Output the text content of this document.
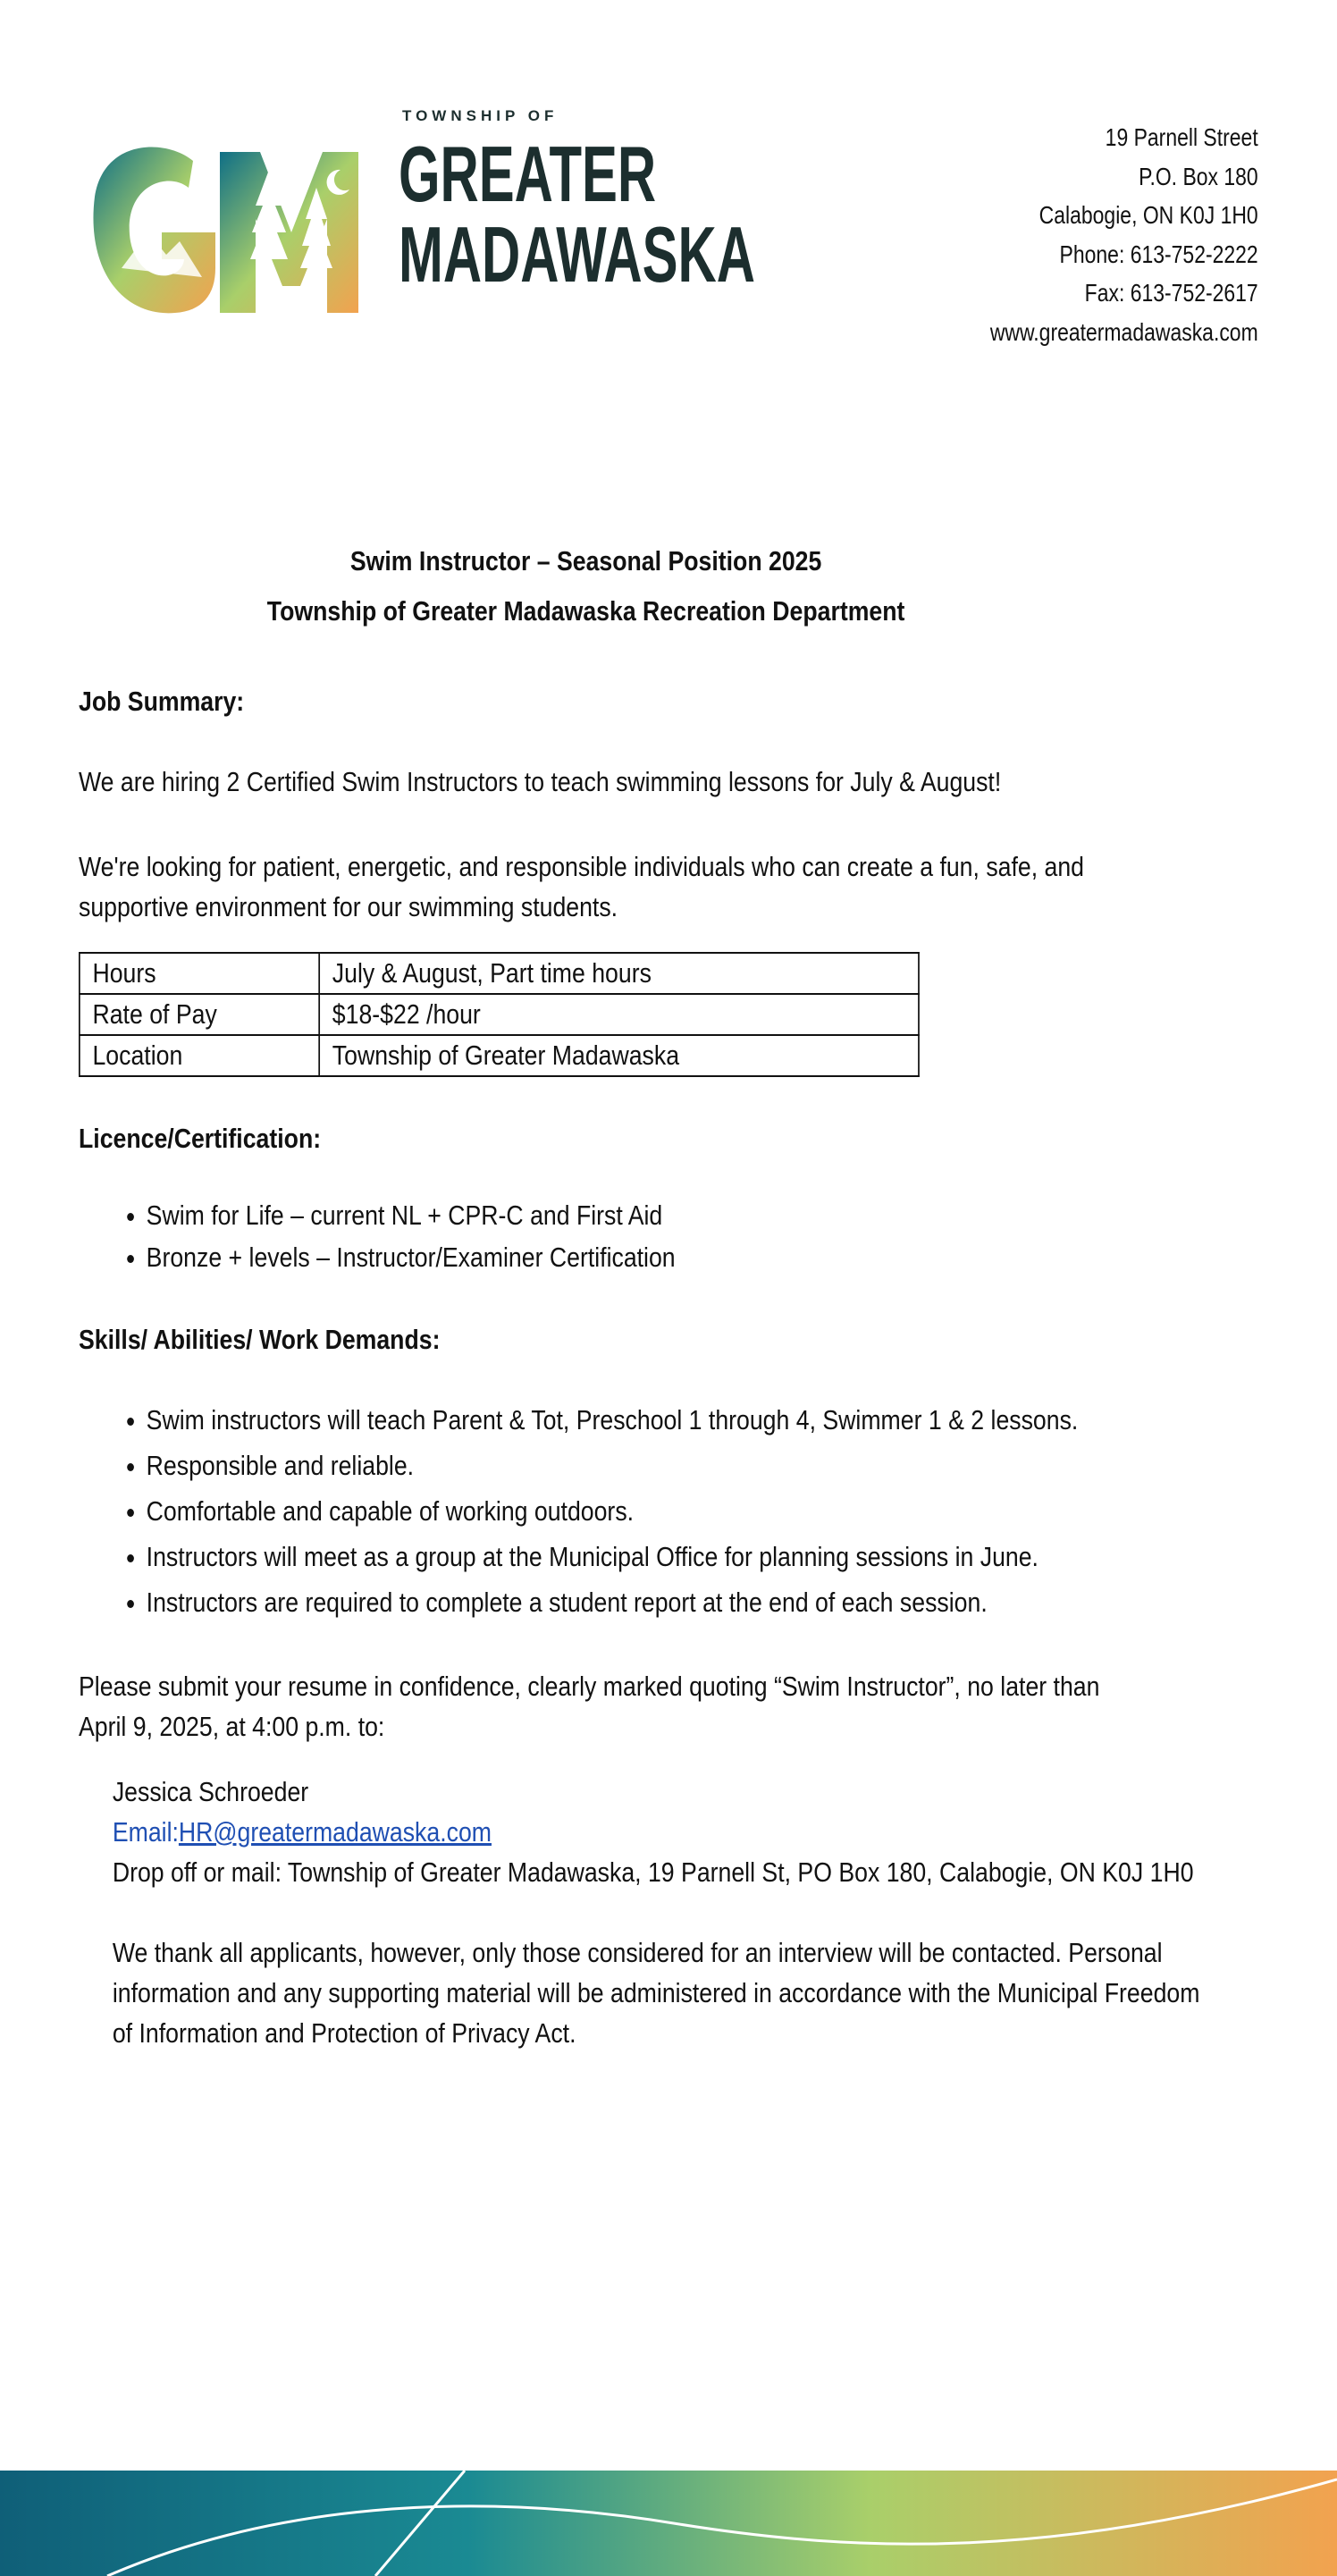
TOWNSHIP OF
GREATER
MADAWASKA
19 Parnell Street
P.O. Box 180
Calabogie, ON K0J 1H0
Phone: 613-752-2222
Fax: 613-752-2617
www.greatermadawaska.com
Swim Instructor – Seasonal Position 2025
Township of Greater Madawaska Recreation Department
Job Summary:

We are hiring 2 Certified Swim Instructors to teach swimming lessons for July & August!

We're looking for patient, energetic, and responsible individuals who can create a fun, safe, and

supportive environment for our swimming students.

Hours	July & August, Part time hours
Rate of Pay	$18-$22 /hour
Location	Township of Greater Madawaska
Licence/Certification:
• Swim for Life – current NL + CPR-C and First Aid
• Bronze + levels – Instructor/Examiner Certification
Skills/ Abilities/ Work Demands:
• Swim instructors will teach Parent & Tot, Preschool 1 through 4, Swimmer 1 & 2 lessons.
• Responsible and reliable.
• Comfortable and capable of working outdoors.
• Instructors will meet as a group at the Municipal Office for planning sessions in June.
• Instructors are required to complete a student report at the end of each session.

Please submit your resume in confidence, clearly marked quoting “Swim Instructor”, no later than

April 9, 2025, at 4:00 p.m. to:

Jessica Schroeder

Email:HR@greatermadawaska.com

Drop off or mail: Township of Greater Madawaska, 19 Parnell St, PO Box 180, Calabogie, ON K0J 1H0

We thank all applicants, however, only those considered for an interview will be contacted. Personal

information and any supporting material will be administered in accordance with the Municipal Freedom

of Information and Protection of Privacy Act.
